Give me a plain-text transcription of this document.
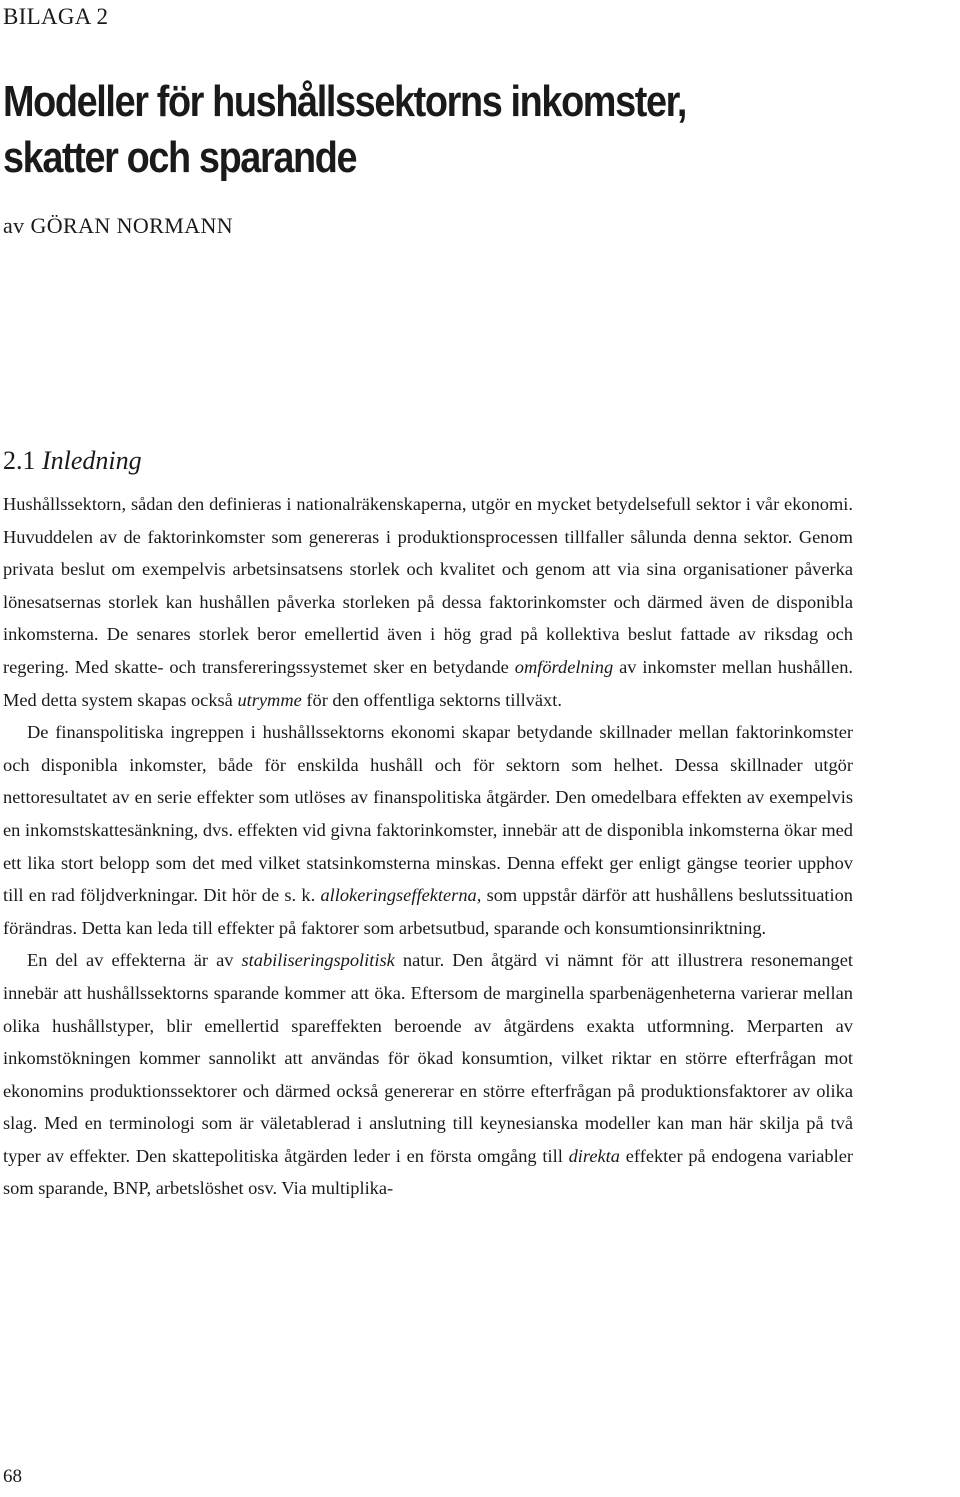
BILAGA 2
Modeller för hushållssektorns inkomster,
skatter och sparande
av GÖRAN NORMANN
2.1 Inledning

Hushållssektorn, sådan den definieras i nationalräkenskaperna, utgör en mycket betydelsefull sektor i vår ekonomi. Huvuddelen av de faktorinkomster som genereras i produktionsprocessen tillfaller sålunda denna sektor. Genom privata beslut om exempelvis arbetsinsatsens storlek och kvalitet och genom att via sina organisationer påverka lönesatsernas storlek kan hushållen påverka storleken på dessa faktorinkomster och därmed även de disponibla inkomsterna. De senares storlek beror emellertid även i hög grad på kollektiva beslut fattade av riksdag och regering. Med skatte- och transfereringssystemet sker en betydande omfördelning av inkomster mellan hushållen. Med detta system skapas också utrymme för den offentliga sektorns tillväxt.

De finanspolitiska ingreppen i hushållssektorns ekonomi skapar betydande skillnader mellan faktorinkomster och disponibla inkomster, både för enskilda hushåll och för sektorn som helhet. Dessa skillnader utgör nettoresultatet av en serie effekter som utlöses av finanspolitiska åtgärder. Den omedelbara effekten av exempelvis en inkomstskattesänkning, dvs. effekten vid givna faktorinkomster, innebär att de disponibla inkomsterna ökar med ett lika stort belopp som det med vilket statsinkomsterna minskas. Denna effekt ger enligt gängse teorier upphov till en rad följdverkningar. Dit hör de s. k. allokeringseffekterna, som uppstår därför att hushållens beslutssituation förändras. Detta kan leda till effekter på faktorer som arbetsutbud, sparande och konsumtionsinriktning.

En del av effekterna är av stabiliseringspolitisk natur. Den åtgärd vi nämnt för att illustrera resonemanget innebär att hushållssektorns sparande kommer att öka. Eftersom de marginella sparbenägenheterna varierar mellan olika hushållstyper, blir emellertid spareffekten beroende av åtgärdens exakta utformning. Merparten av inkomstökningen kommer sannolikt att användas för ökad konsumtion, vilket riktar en större efterfrågan mot ekonomins produktionssektorer och därmed också genererar en större efterfrågan på produktionsfaktorer av olika slag. Med en terminologi som är väletablerad i anslutning till keynesianska modeller kan man här skilja på två typer av effekter. Den skattepolitiska åtgärden leder i en första omgång till direkta effekter på endogena variabler som sparande, BNP, arbetslöshet osv. Via multiplika-

68
